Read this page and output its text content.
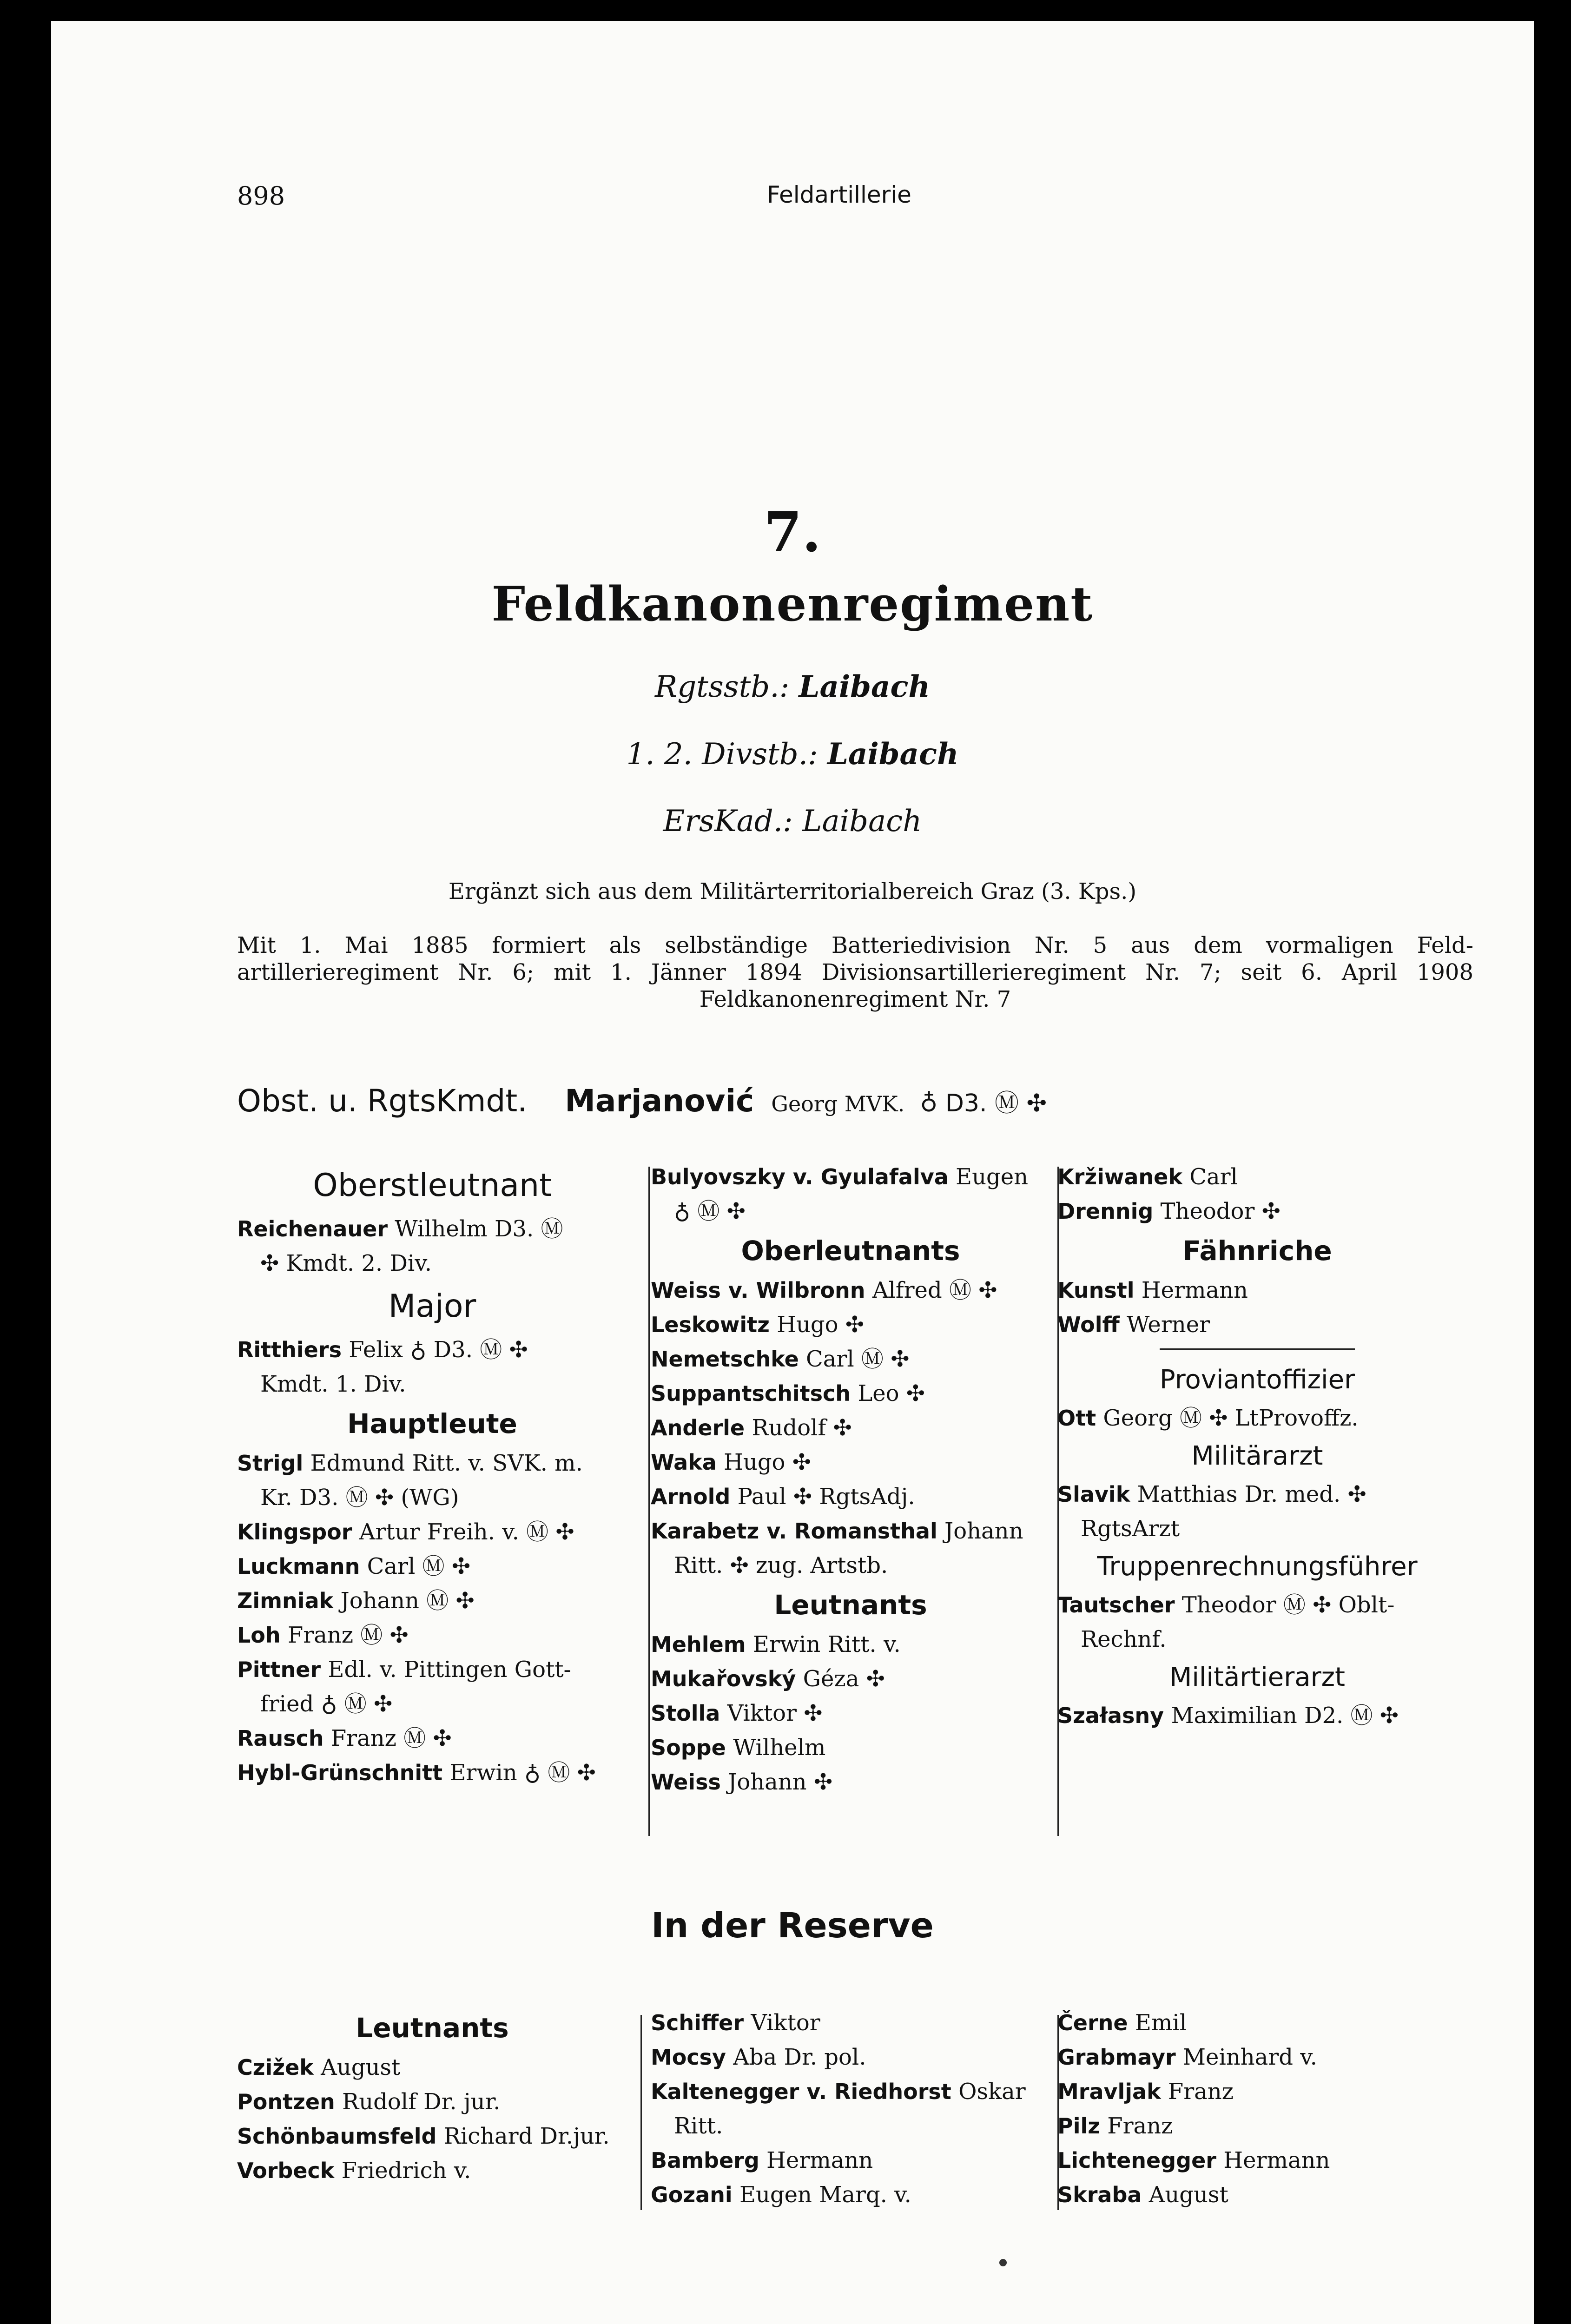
898	Feldartillerie
7.
Feldkanonenregiment
Rgtsstb.: Laibach
1. 2. Divstb.: Laibach
ErsKad.: Laibach
Ergänzt sich aus dem Militärterritorialbereich Graz (3. Kps.)

Mit 1. Mai 1885 formiert als selbständige Batteriedivision Nr. 5 aus dem vormaligen Feld-

artillerieregiment Nr. 6; mit 1. Jänner 1894 Divisionsartillerieregiment Nr. 7; seit 6. April 1908

Feldkanonenregiment Nr. 7

Obst. u. RgtsKmdt. Marjanović Georg MVK. ♁ D3. Ⓜ ✣
Oberstleutnant
Reichenauer Wilhelm D3. Ⓜ
✣ Kmdt. 2. Div.
Major
Ritthiers Felix ♁ D3. Ⓜ ✣
Kmdt. 1. Div.
Hauptleute
Strigl Edmund Ritt. v. SVK. m.
Kr. D3. Ⓜ ✣ (WG)
Klingspor Artur Freih. v. Ⓜ ✣
Luckmann Carl Ⓜ ✣
Zimniak Johann Ⓜ ✣
Loh Franz Ⓜ ✣
Pittner Edl. v. Pittingen Gott-
fried ♁ Ⓜ ✣
Rausch Franz Ⓜ ✣
Hybl-Grünschnitt Erwin ♁ Ⓜ ✣
Bulyovszky v. Gyulafalva Eugen
♁ Ⓜ ✣
Oberleutnants
Weiss v. Wilbronn Alfred Ⓜ ✣
Leskowitz Hugo ✣
Nemetschke Carl Ⓜ ✣
Suppantschitsch Leo ✣
Anderle Rudolf ✣
Waka Hugo ✣
Arnold Paul ✣ RgtsAdj.
Karabetz v. Romansthal Johann
Ritt. ✣ zug. Artstb.
Leutnants
Mehlem Erwin Ritt. v.
Mukařovský Géza ✣
Stolla Viktor ✣
Soppe Wilhelm
Weiss Johann ✣
Kržiwanek Carl
Drennig Theodor ✣
Fähnriche
Kunstl Hermann
Wolff Werner
Proviantoffizier
Ott Georg Ⓜ ✣ LtProvoffz.
Militärarzt
Slavik Matthias Dr. med. ✣
RgtsArzt
Truppenrechnungsführer
Tautscher Theodor Ⓜ ✣ Oblt-
Rechnf.
Militärtierarzt
Szałasny Maximilian D2. Ⓜ ✣
In der Reserve
Leutnants
Czižek August
Pontzen Rudolf Dr. jur.
Schönbaumsfeld Richard Dr.jur.
Vorbeck Friedrich v.
Schiffer Viktor
Mocsy Aba Dr. pol.
Kaltenegger v. Riedhorst Oskar
Ritt.
Bamberg Hermann
Gozani Eugen Marq. v.
Černe Emil
Grabmayr Meinhard v.
Mravljak Franz
Pilz Franz
Lichtenegger Hermann
Skraba August
